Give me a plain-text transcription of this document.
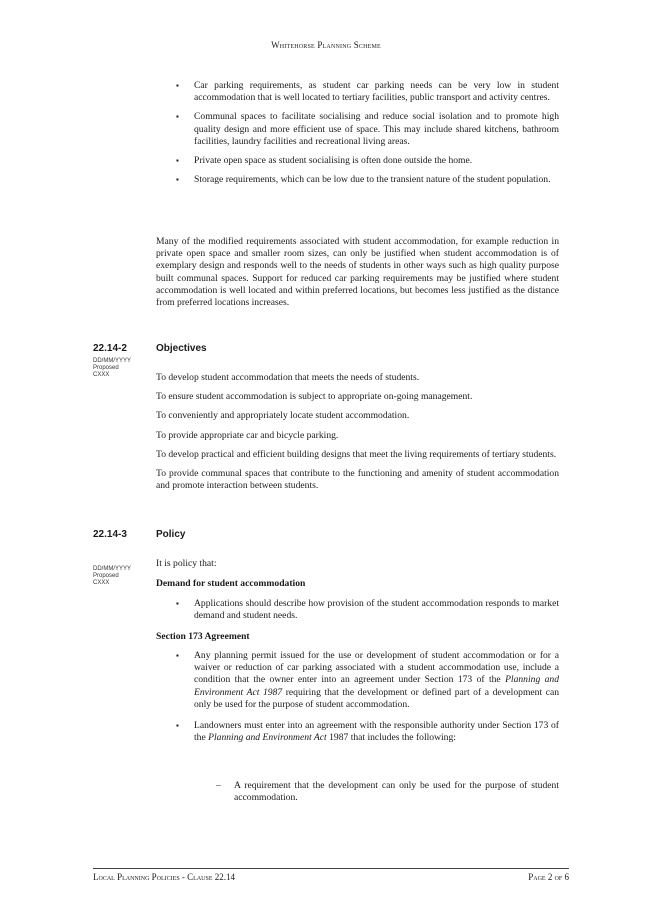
Whitehorse Planning Scheme
▪ Car parking requirements, as student car parking needs can be very low in student accommodation that is well located to tertiary facilities, public transport and activity centres.
▪ Communal spaces to facilitate socialising and reduce social isolation and to promote high quality design and more efficient use of space. This may include shared kitchens, bathroom facilities, laundry facilities and recreational living areas.
▪ Private open space as student socialising is often done outside the home.
▪ Storage requirements, which can be low due to the transient nature of the student population.

Many of the modified requirements associated with student accommodation, for example reduction in private open space and smaller room sizes, can only be justified when student accommodation is of exemplary design and responds well to the needs of students in other ways such as high quality purpose built communal spaces. Support for reduced car parking requirements may be justified where student accommodation is well located and within preferred locations, but becomes less justified as the distance from preferred locations increases.

22.14-2	Objectives
DD/MM/YYYY
Proposed
CXXX	To develop student accommodation that meets the needs of students.

To ensure student accommodation is subject to appropriate on-going management.

To conveniently and appropriately locate student accommodation.

To provide appropriate car and bicycle parking.

To develop practical and efficient building designs that meet the living requirements of tertiary students.

To provide communal spaces that contribute to the functioning and amenity of student accommodation and promote interaction between students.

22.14-3	Policy
DD/MM/YYYY
Proposed
CXXX

It is policy that:

Demand for student accommodation

▪ Applications should describe how provision of the student accommodation responds to market demand and student needs.

Section 173 Agreement

▪ Any planning permit issued for the use or development of student accommodation or for a waiver or reduction of car parking associated with a student accommodation use, include a condition that the owner enter into an agreement under Section 173 of the Planning and Environment Act 1987 requiring that the development or defined part of a development can only be used for the purpose of student accommodation.
▪ Landowners must enter into an agreement with the responsible authority under Section 173 of the Planning and Environment Act 1987 that includes the following:
– A requirement that the development can only be used for the purpose of student accommodation.
Local Planning Policies - Clause 22.14	Page 2 of 6
